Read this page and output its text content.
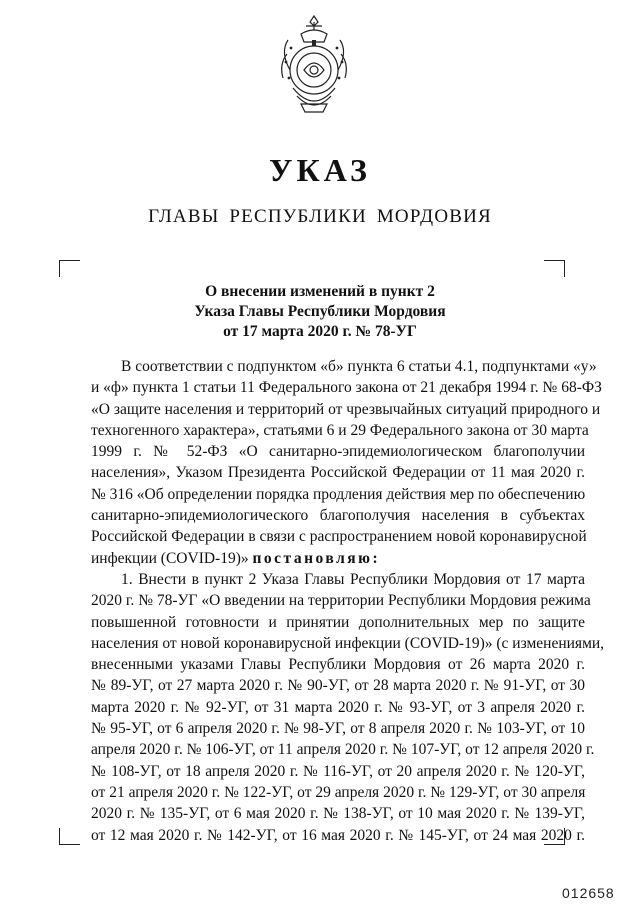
УКАЗ
ГЛАВЫ РЕСПУБЛИКИ МОРДОВИЯ
О внесении изменений в пункт 2
Указа Главы Республики Мордовия
от 17 марта 2020 г. № 78-УГ
В соответствии с подпунктом «б» пункта 6 статьи 4.1, подпунктами «у»
и «ф» пункта 1 статьи 11 Федерального закона от 21 декабря 1994 г. № 68-ФЗ
«О защите населения и территорий от чрезвычайных ситуаций природного и
техногенного характера», статьями 6 и 29 Федерального закона от 30 марта
1999 г. № 52-ФЗ «О санитарно-эпидемиологическом благополучии
населения», Указом Президента Российской Федерации от 11 мая 2020 г.
№ 316 «Об определении порядка продления действия мер по обеспечению
санитарно-эпидемиологического благополучия населения в субъектах
Российской Федерации в связи с распространением новой коронавирусной
инфекции (COVID-19)» постановляю:
1. Внести в пункт 2 Указа Главы Республики Мордовия от 17 марта
2020 г. № 78-УГ «О введении на территории Республики Мордовия режима
повышенной готовности и принятии дополнительных мер по защите
населения от новой коронавирусной инфекции (COVID-19)» (с изменениями,
внесенными указами Главы Республики Мордовия от 26 марта 2020 г.
№ 89-УГ, от 27 марта 2020 г. № 90-УГ, от 28 марта 2020 г. № 91-УГ, от 30
марта 2020 г. № 92-УГ, от 31 марта 2020 г. № 93-УГ, от 3 апреля 2020 г.
№ 95-УГ, от 6 апреля 2020 г. № 98-УГ, от 8 апреля 2020 г. № 103-УГ, от 10
апреля 2020 г. № 106-УГ, от 11 апреля 2020 г. № 107-УГ, от 12 апреля 2020 г.
№ 108-УГ, от 18 апреля 2020 г. № 116-УГ, от 20 апреля 2020 г. № 120-УГ,
от 21 апреля 2020 г. № 122-УГ, от 29 апреля 2020 г. № 129-УГ, от 30 апреля
2020 г. № 135-УГ, от 6 мая 2020 г. № 138-УГ, от 10 мая 2020 г. № 139-УГ,
от 12 мая 2020 г. № 142-УГ, от 16 мая 2020 г. № 145-УГ, от 24 мая 2020 г.
012658
